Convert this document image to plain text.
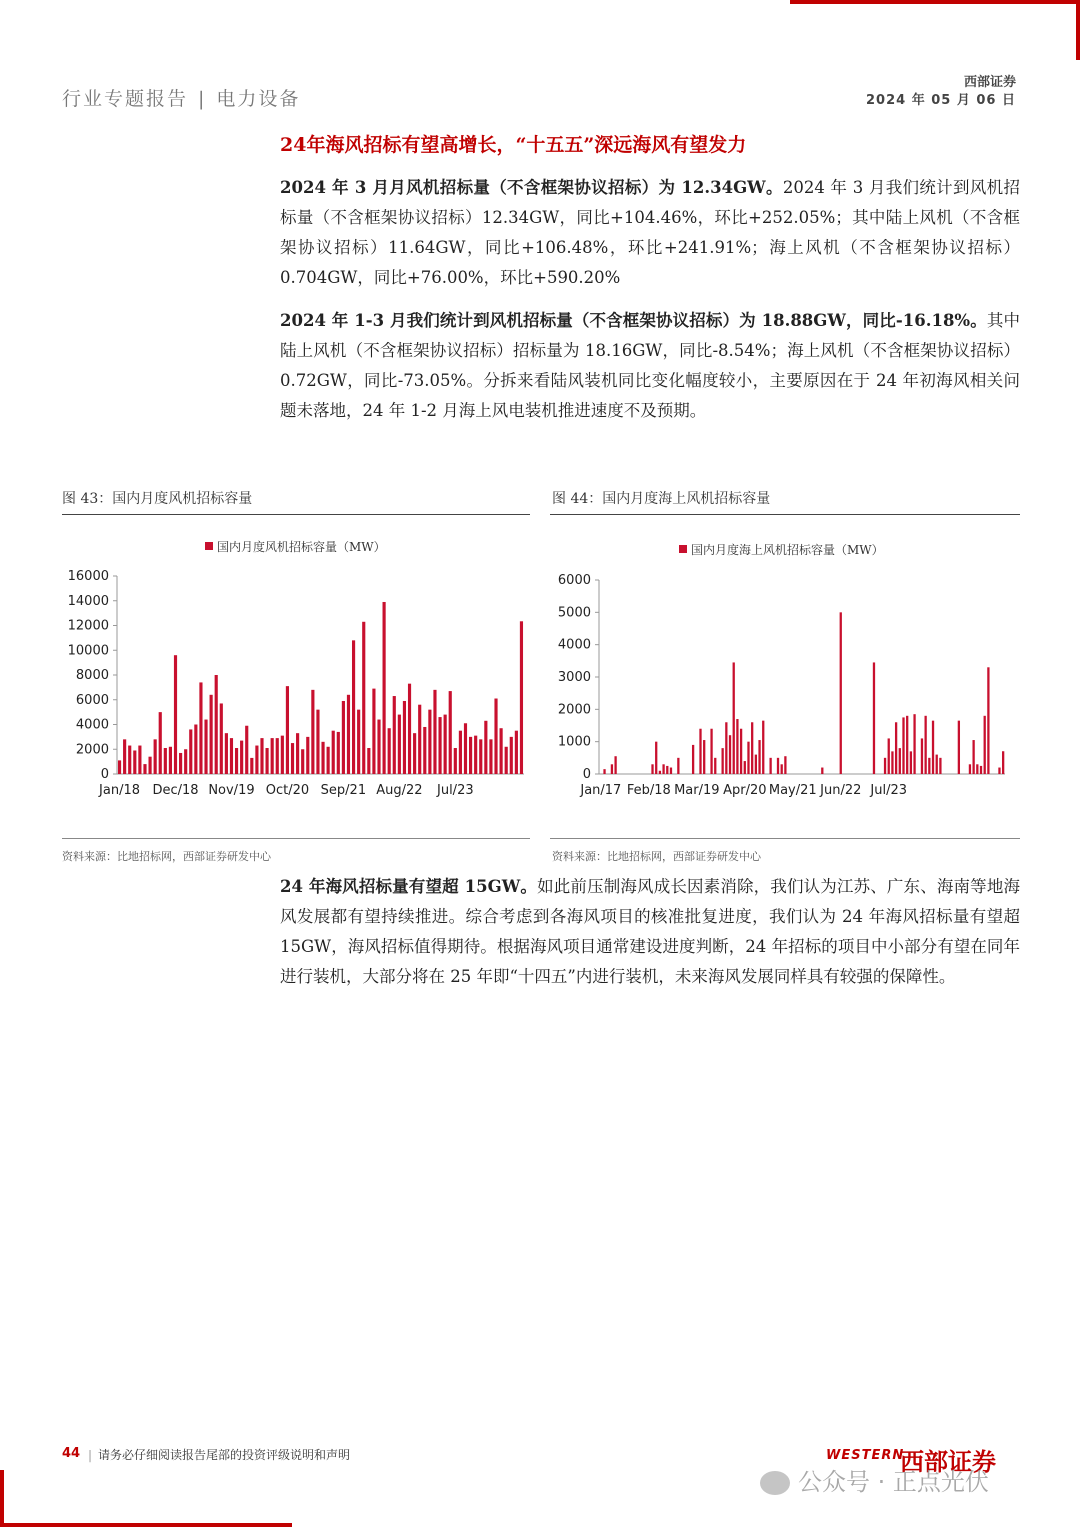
行业专题报告 | 电力设备
西部证券
2024 年 05 月 06 日
24年海风招标有望高增长，“十五五”深远海风有望发力
2024 年 3 月月风机招标量（不含框架协议招标）为 12.34GW。2024 年 3 月我们统计到风机招标量（不含框架协议招标）12.34GW，同比+104.46%，环比+252.05%；其中陆上风机（不含框架协议招标）11.64GW，同比+106.48%，环比+241.91%；海上风机（不含框架协议招标）0.704GW，同比+76.00%，环比+590.20%
2024 年 1-3 月我们统计到风机招标量（不含框架协议招标）为 18.88GW，同比-16.18%。其中陆上风机（不含框架协议招标）招标量为 18.16GW，同比-8.54%；海上风机（不含框架协议招标）0.72GW，同比-73.05%。分拆来看陆风装机同比变化幅度较小，主要原因在于 24 年初海风相关问题未落地，24 年 1-2 月海上风电装机推进速度不及预期。
图 43：国内月度风机招标容量
资料来源：比地招标网，西部证券研发中心
图 44：国内月度海上风机招标容量
资料来源：比地招标网，西部证券研发中心
国内月度风机招标容量（MW）
0
2000
4000
6000
8000
10000
12000
14000
16000
Jan/18 Dec/18 Nov/19 Oct/20 Sep/21 Aug/22 Jul/23
国内月度海上风机招标容量（MW）
0
1000
2000
3000
4000
5000
6000
Jan/17 Feb/18 Mar/19 Apr/20 May/21 Jun/22 Jul/23
24 年海风招标量有望超 15GW。如此前压制海风成长因素消除，我们认为江苏、广东、海南等地海风发展都有望持续推进。综合考虑到各海风项目的核准批复进度，我们认为 24 年海风招标量有望超 15GW，海风招标值得期待。根据海风项目通常建设进度判断，24 年招标的项目中小部分有望在同年进行装机，大部分将在 25 年即“十四五”内进行装机，未来海风发展同样具有较强的保障性。
44 | 请务必仔细阅读报告尾部的投资评级说明和声明	WESTERN
西部证券
公众号 · 正点光伏
